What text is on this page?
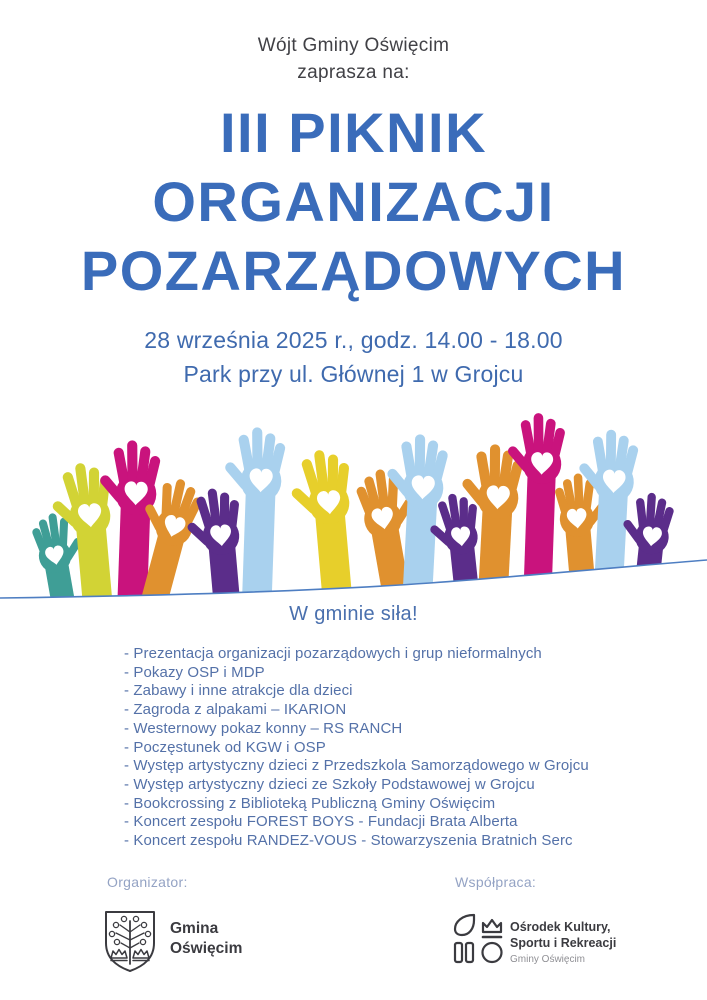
Wójt Gminy Oświęcim
zaprasza na:
III PIKNIK
ORGANIZACJI
POZARZĄDOWYCH
28 września 2025 r., godz. 14.00 - 18.00
Park przy ul. Głównej 1 w Grojcu
W gminie siła!
- Prezentacja organizacji pozarządowych i grup nieformalnych
- Pokazy OSP i MDP
- Zabawy i inne atrakcje dla dzieci
- Zagroda z alpakami – IKARION
- Westernowy pokaz konny – RS RANCH
- Poczęstunek od KGW i OSP
- Występ artystyczny dzieci z Przedszkola Samorządowego w Grojcu
- Występ artystyczny dzieci ze Szkoły Podstawowej w Grojcu
- Bookcrossing z Biblioteką Publiczną Gminy Oświęcim
- Koncert zespołu FOREST BOYS - Fundacji Brata Alberta
- Koncert zespołu RANDEZ-VOUS - Stowarzyszenia Bratnich Serc
Organizator:	Współpraca:
Gmina
Oświęcim
Ośrodek Kultury,
Sportu i Rekreacji
Gminy Oświęcim
